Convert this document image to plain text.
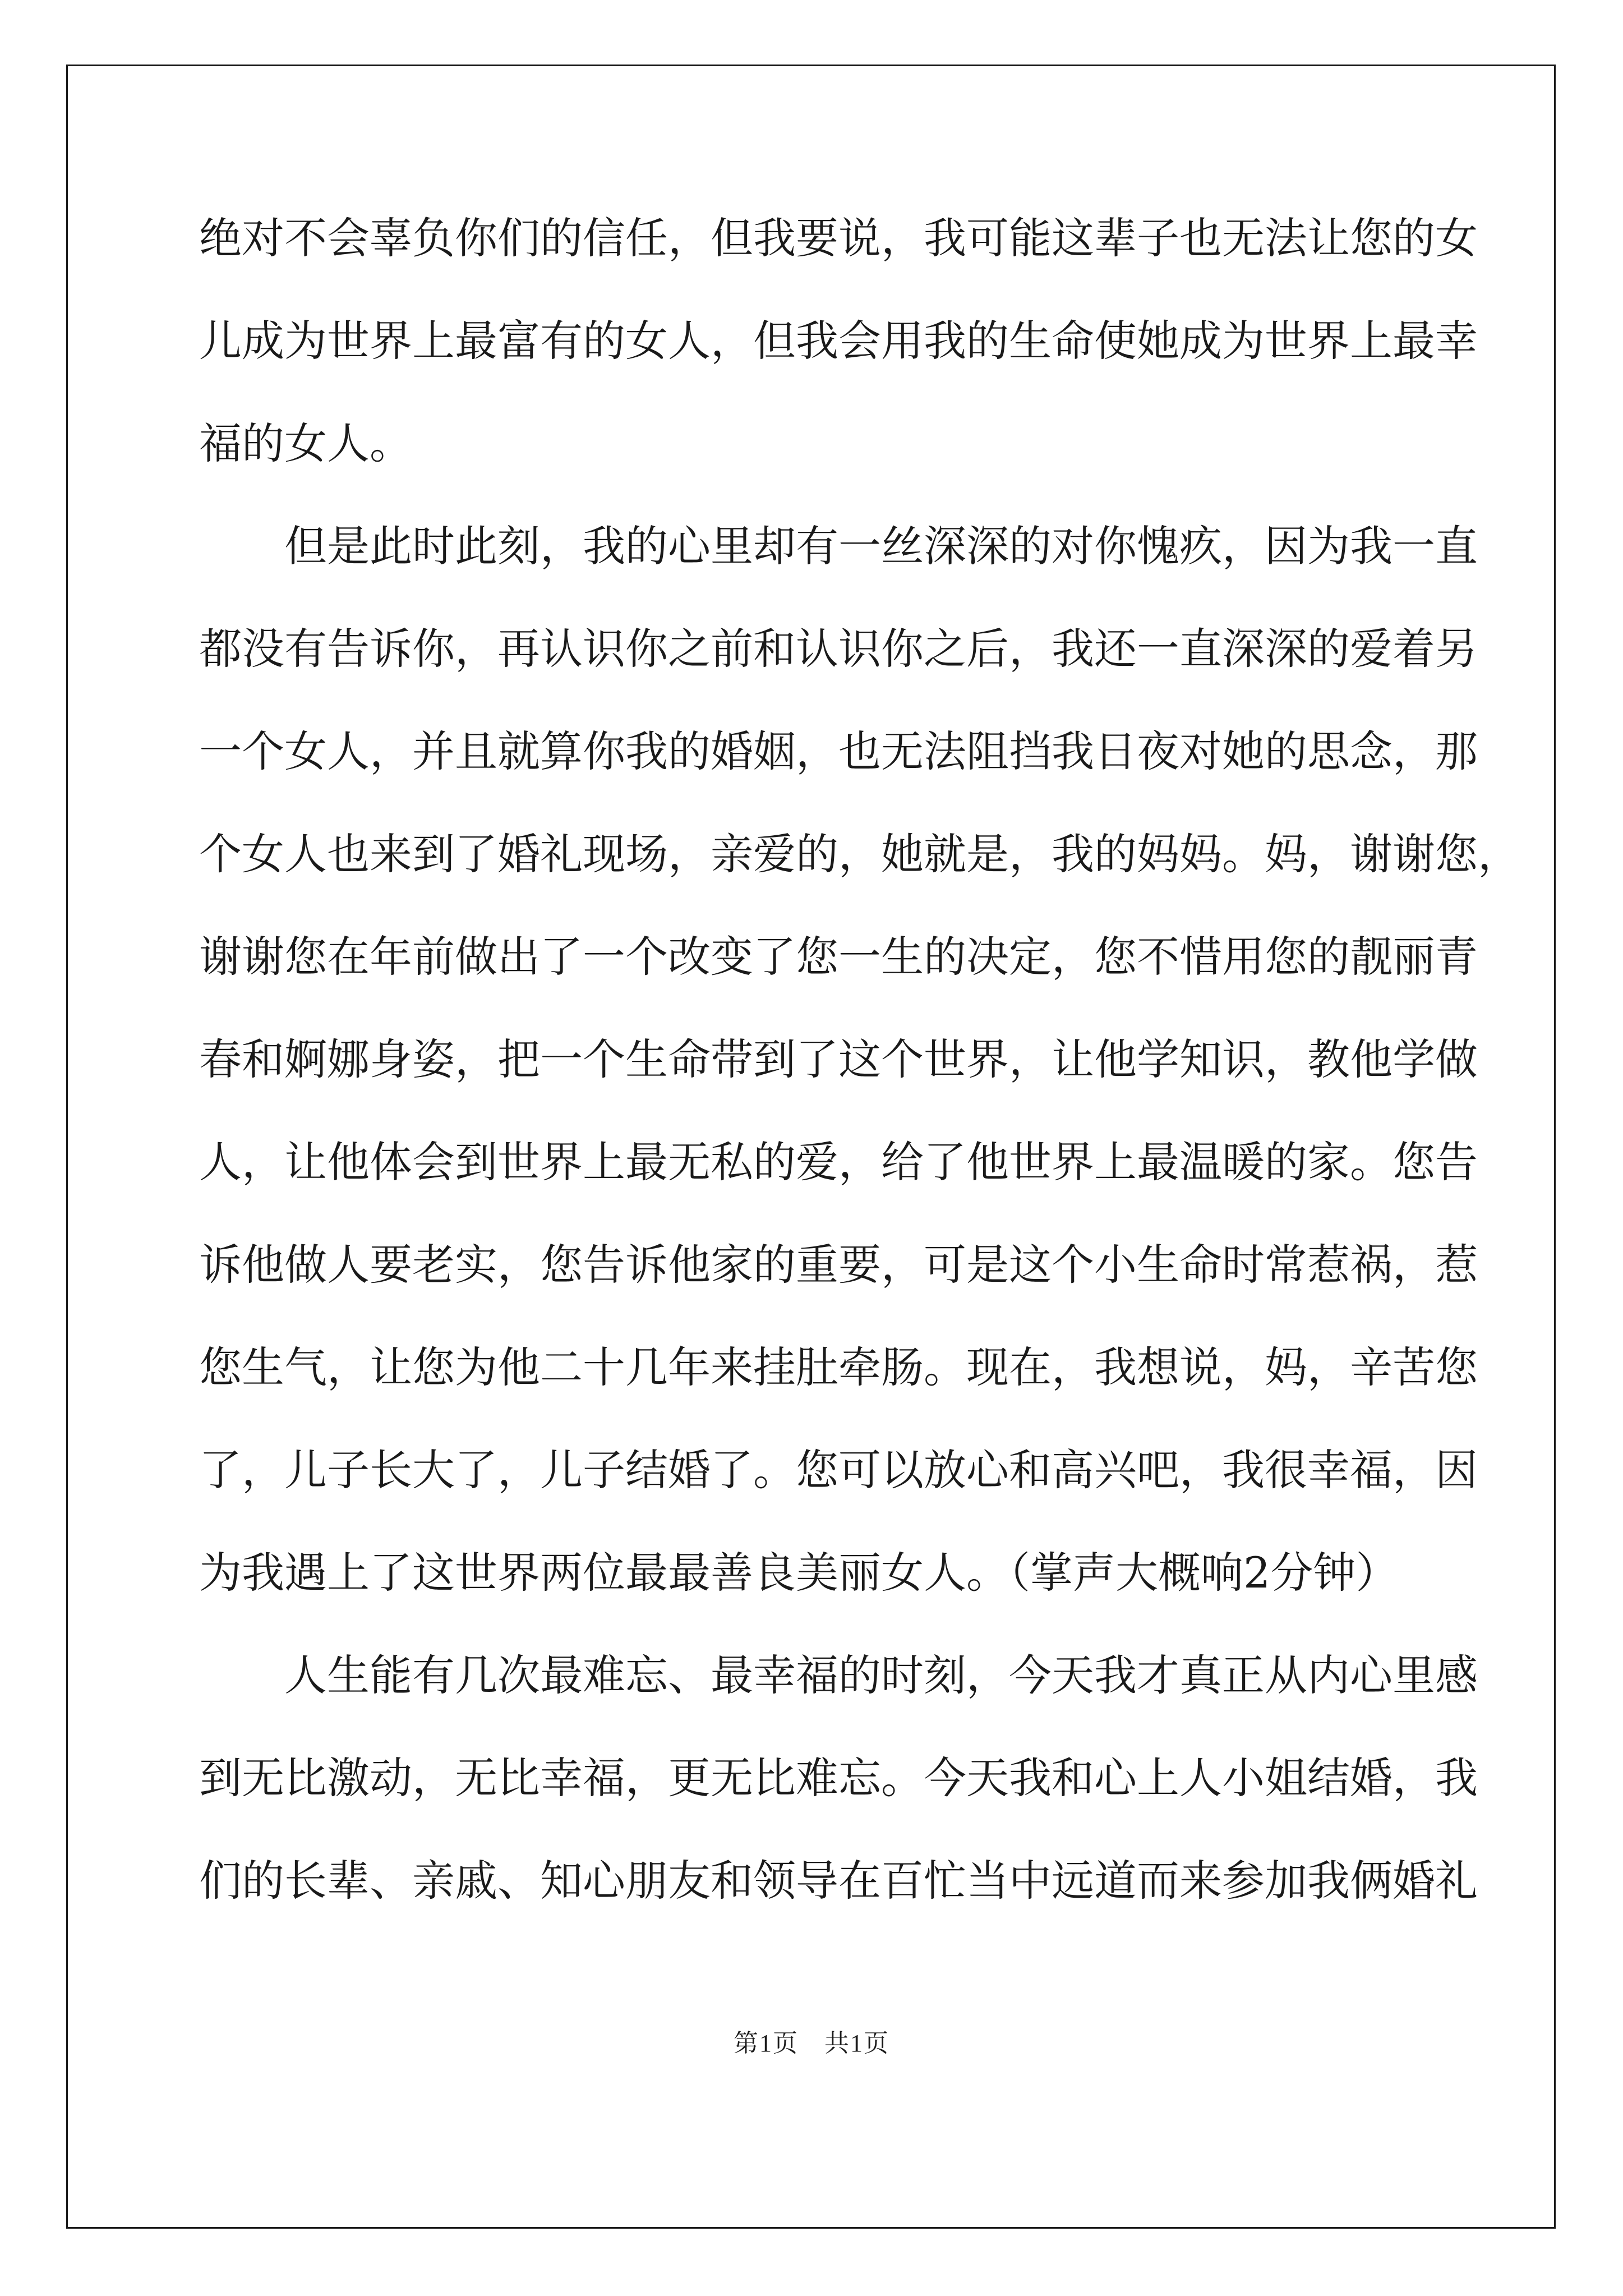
绝对不会辜负你们的信任，但我要说，我可能这辈子也无法让您的女
儿成为世界上最富有的女人，但我会用我的生命使她成为世界上最幸
福的女人。
但是此时此刻，我的心里却有一丝深深的对你愧疚，因为我一直
都没有告诉你，再认识你之前和认识你之后，我还一直深深的爱着另
一个女人，并且就算你我的婚姻，也无法阻挡我日夜对她的思念，那
个女人也来到了婚礼现场，亲爱的，她就是，我的妈妈。妈，谢谢您，
谢谢您在年前做出了一个改变了您一生的决定，您不惜用您的靓丽青
春和婀娜身姿，把一个生命带到了这个世界，让他学知识，教他学做
人，让他体会到世界上最无私的爱，给了他世界上最温暖的家。您告
诉他做人要老实，您告诉他家的重要，可是这个小生命时常惹祸，惹
您生气，让您为他二十几年来挂肚牵肠。现在，我想说，妈，辛苦您
了，儿子长大了，儿子结婚了。您可以放心和高兴吧，我很幸福，因
为我遇上了这世界两位最最善良美丽女人。（掌声大概响2分钟）
人生能有几次最难忘、最幸福的时刻，今天我才真正从内心里感
到无比激动，无比幸福，更无比难忘。今天我和心上人小姐结婚，我
们的长辈、亲戚、知心朋友和领导在百忙当中远道而来参加我俩婚礼
第1页　共1页
